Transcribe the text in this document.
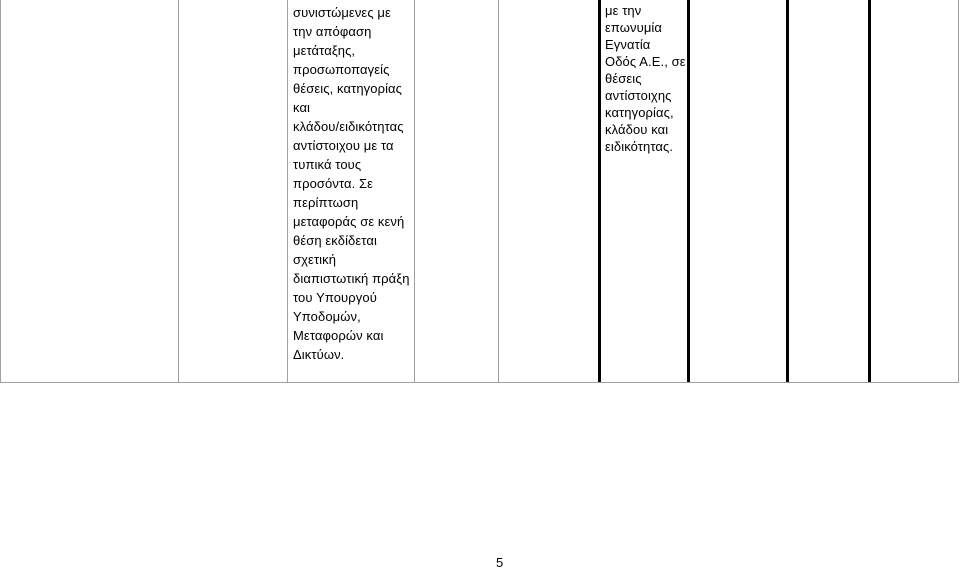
συνιστώμενες με
την απόφαση
μετάταξης,
προσωποπαγείς
θέσεις, κατηγορίας
και
κλάδου/ειδικότητας
αντίστοιχου με τα
τυπικά τους
προσόντα. Σε
περίπτωση
μεταφοράς σε κενή
θέση εκδίδεται
σχετική
διαπιστωτική πράξη
του Υπουργού
Υποδομών,
Μεταφορών και
Δικτύων.
με την
επωνυμία
Εγνατία
Οδός Α.Ε., σε
θέσεις
αντίστοιχης
κατηγορίας,
κλάδου και
ειδικότητας.
5
